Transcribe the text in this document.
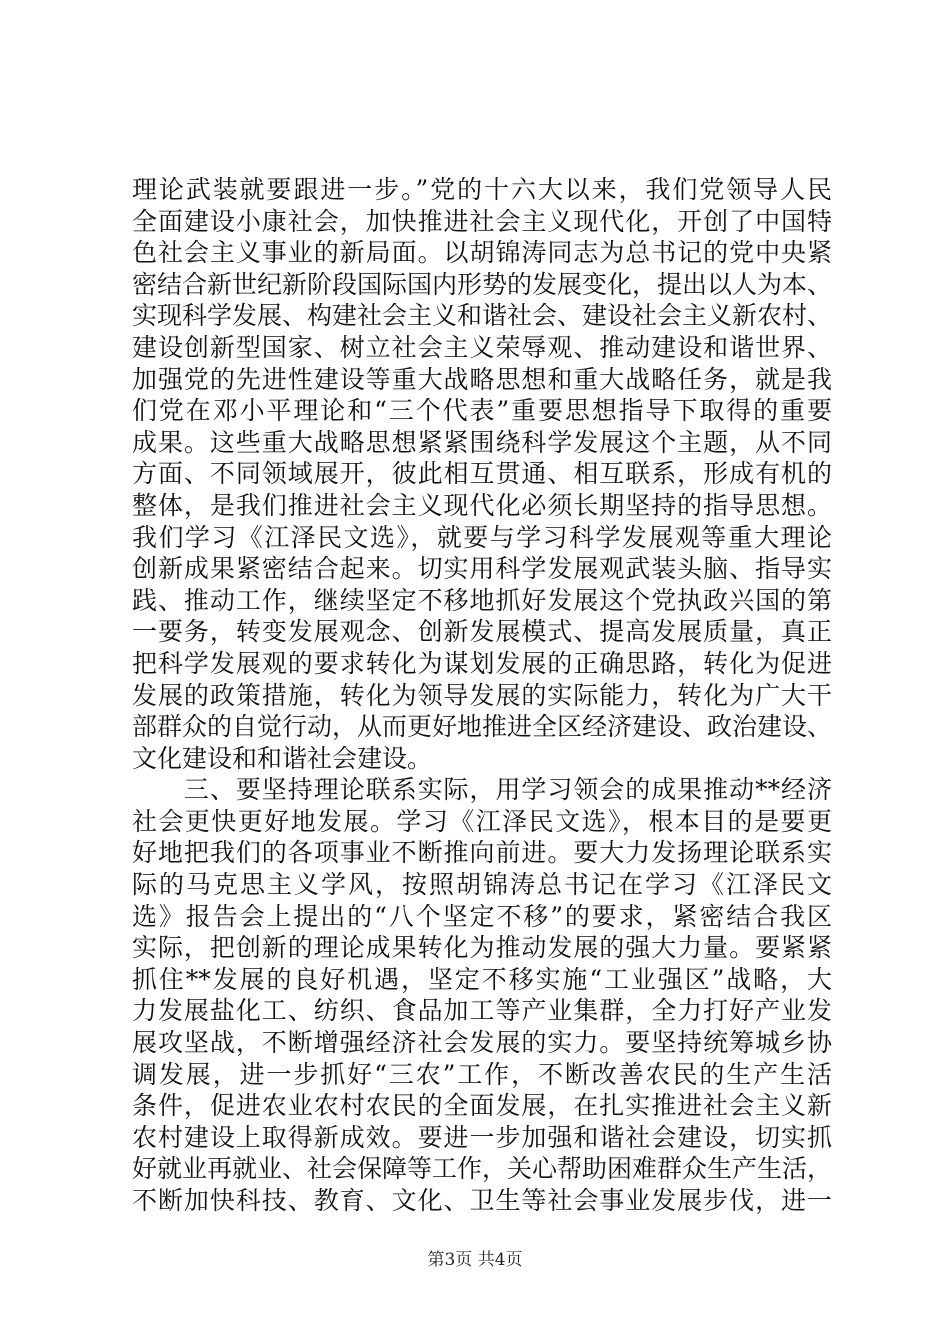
理论武装就要跟进一步。”党的十六大以来，我们党领导人民
全面建设小康社会，加快推进社会主义现代化，开创了中国特
色社会主义事业的新局面。以胡锦涛同志为总书记的党中央紧
密结合新世纪新阶段国际国内形势的发展变化，提出以人为本、
实现科学发展、构建社会主义和谐社会、建设社会主义新农村、
建设创新型国家、树立社会主义荣辱观、推动建设和谐世界、
加强党的先进性建设等重大战略思想和重大战略任务，就是我
们党在邓小平理论和“三个代表”重要思想指导下取得的重要
成果。这些重大战略思想紧紧围绕科学发展这个主题，从不同
方面、不同领域展开，彼此相互贯通、相互联系，形成有机的
整体，是我们推进社会主义现代化必须长期坚持的指导思想。
我们学习《江泽民文选》，就要与学习科学发展观等重大理论
创新成果紧密结合起来。切实用科学发展观武装头脑、指导实
践、推动工作，继续坚定不移地抓好发展这个党执政兴国的第
一要务，转变发展观念、创新发展模式、提高发展质量，真正
把科学发展观的要求转化为谋划发展的正确思路，转化为促进
发展的政策措施，转化为领导发展的实际能力，转化为广大干
部群众的自觉行动，从而更好地推进全区经济建设、政治建设、
文化建设和和谐社会建设。
　　三、要坚持理论联系实际，用学习领会的成果推动**经济
社会更快更好地发展。学习《江泽民文选》，根本目的是要更
好地把我们的各项事业不断推向前进。要大力发扬理论联系实
际的马克思主义学风，按照胡锦涛总书记在学习《江泽民文
选》报告会上提出的“八个坚定不移”的要求，紧密结合我区
实际，把创新的理论成果转化为推动发展的强大力量。要紧紧
抓住**发展的良好机遇，坚定不移实施“工业强区”战略，大
力发展盐化工、纺织、食品加工等产业集群，全力打好产业发
展攻坚战，不断增强经济社会发展的实力。要坚持统筹城乡协
调发展，进一步抓好“三农”工作，不断改善农民的生产生活
条件，促进农业农村农民的全面发展，在扎实推进社会主义新
农村建设上取得新成效。要进一步加强和谐社会建设，切实抓
好就业再就业、社会保障等工作，关心帮助困难群众生产生活，
不断加快科技、教育、文化、卫生等社会事业发展步伐，进一
第3页 共4页
